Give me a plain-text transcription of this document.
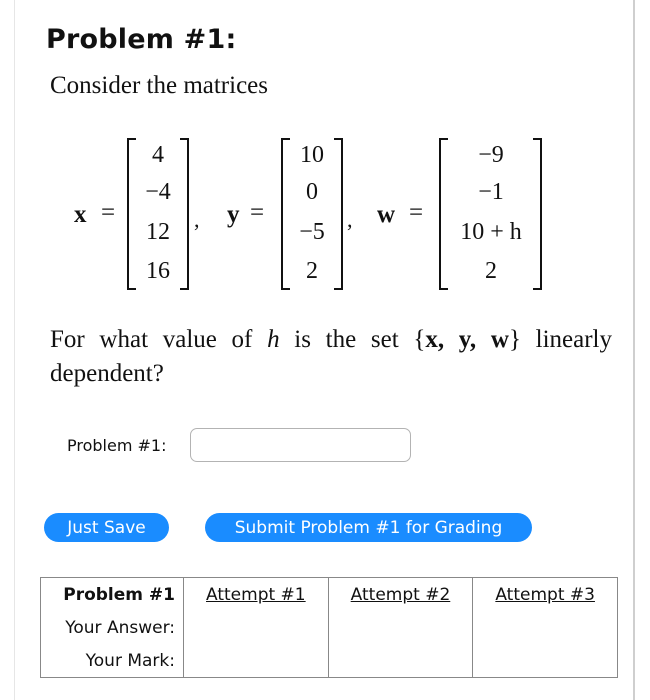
Problem #1:
Consider the matrices
x =
4
−4
12
16
, y =
10
0
−5
2
, w =
−9
−1
10 + h
2
For what value of h is the set {x, y, w} linearly dependent?
Problem #1:
Just Save	Submit Problem #1 for Grading
Problem #1	Attempt #1	Attempt #2	Attempt #3
Your Answer:			
Your Mark:			
